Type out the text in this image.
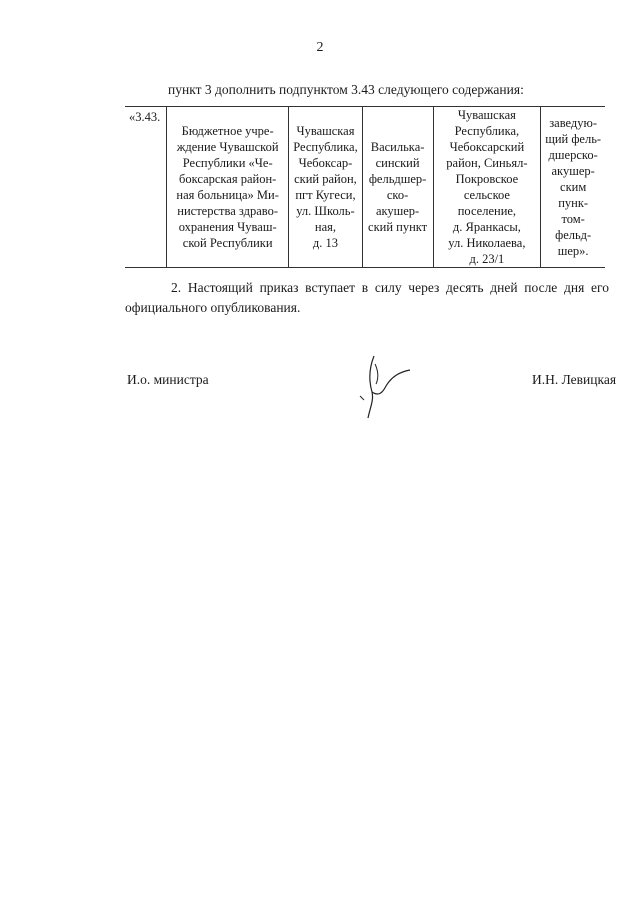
2
пункт 3 дополнить подпунктом 3.43 следующего содержания:
«3.43.	
Бюджетное учре-
ждение Чувашской
Республики «Че-
боксарская район-
ная больница» Ми-
нистерства здраво-
охранения Чуваш-
ской Республики

Чувашская
Республика,
Чебоксар-
ский район,
пгт Кугеси,
ул. Школь-
ная,
д. 13

Василька-
синский
фельдшер-
ско-
акушер-
ский пункт

Чувашская
Республика,
Чебоксарский
район, Синьял-
Покровское
сельское
поселение,
д. Яранкасы,
ул. Николаева,
д. 23/1

заведую-
щий фель-
дшерско-
акушер-
ским пунк-
том-
фельд-
шер».
2. Настоящий приказ вступает в силу через десять дней после дня его официального опубликования.
И.о. министра	И.Н. Левицкая
